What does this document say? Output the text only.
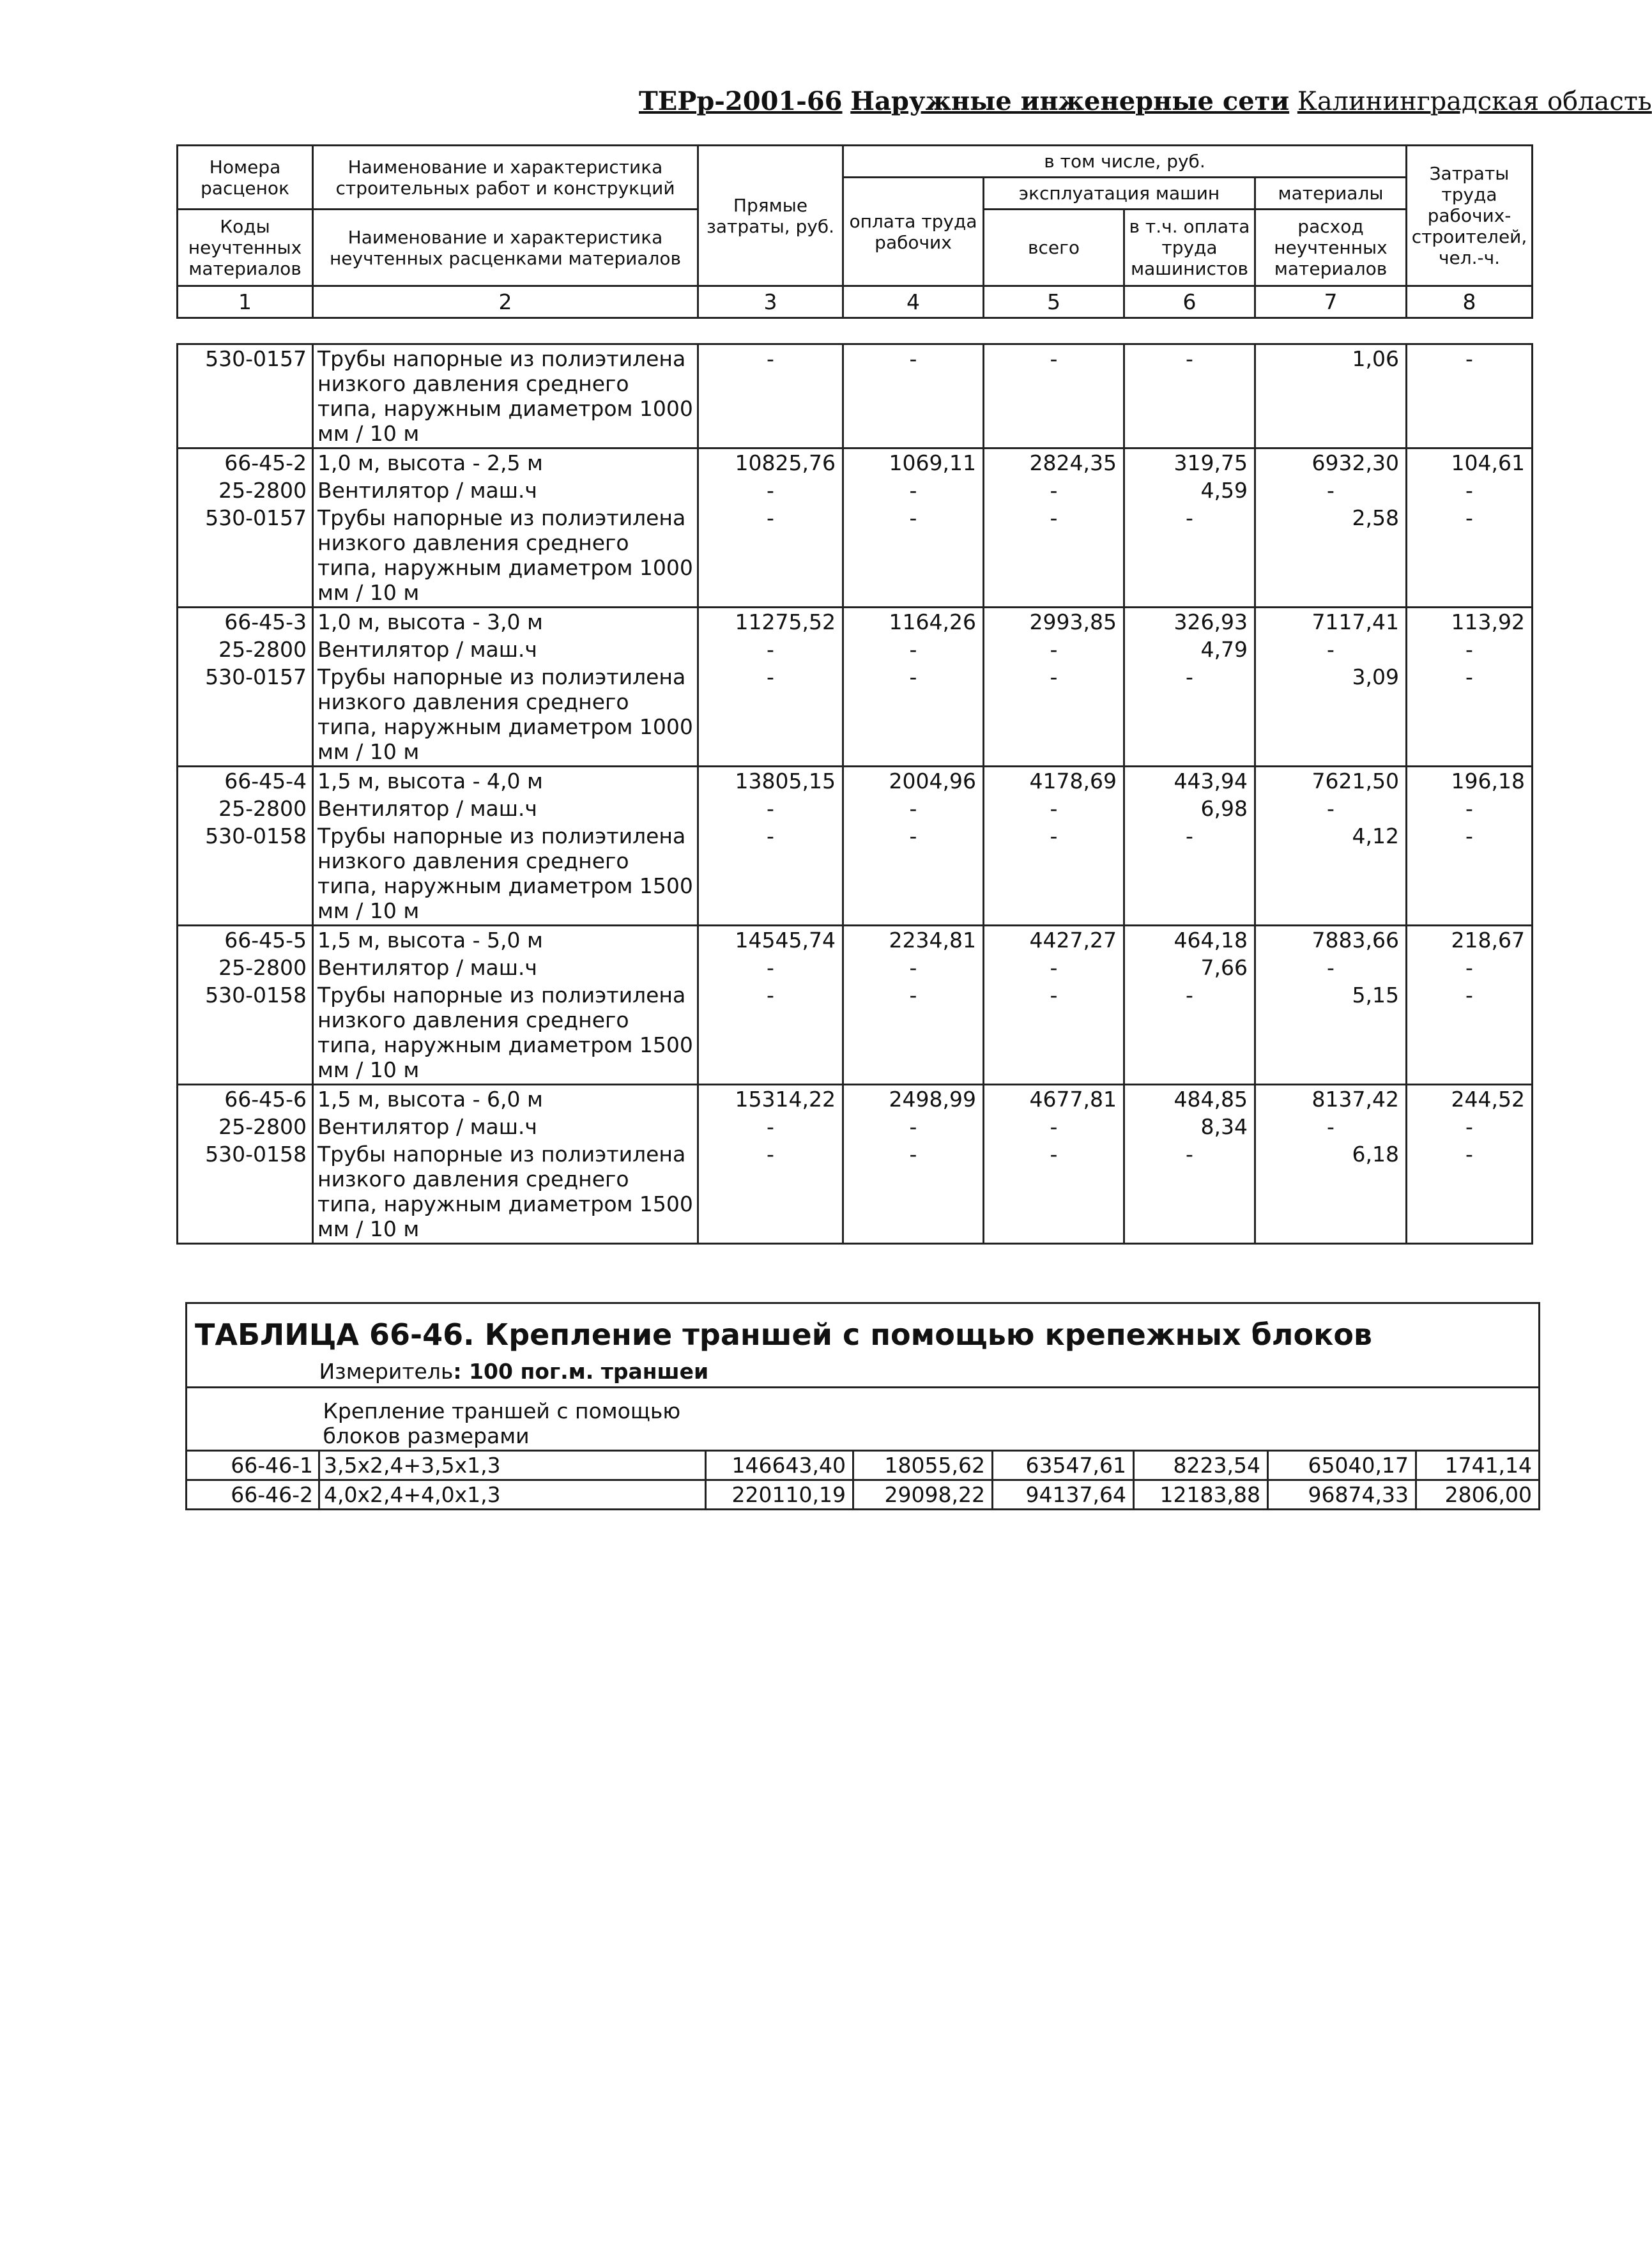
ТЕРр-2001-66 Наружные инженерные сети Калининградская область
Номера расценок	Наименование и характеристика строительных работ и конструкций	Прямые затраты, руб.	в том числе, руб.				Затраты труда рабочих-строителей, чел.-ч.
			оплата труда рабочих	эксплуатация машин		материалы	
Коды неучтенных материалов	Наименование и характеристика неучтенных расценками материалов			всего	в т.ч. оплата труда машинистов	расход неучтенных материалов	

1	2	3	4	5	6	7	8
530-0157	Трубы напорные из полиэтилена низкого давления среднего типа, наружным диаметром 1000 мм / 10 м	-	-	-	-	1,06	-
66-45-2	1,0 м, высота - 2,5 м	10825,76	1069,11	2824,35	319,75	6932,30	104,61
25-2800	Вентилятор / маш.ч	-	-	-	4,59	-	-
530-0157	Трубы напорные из полиэтилена низкого давления среднего типа, наружным диаметром 1000 мм / 10 м	-	-	-	-	2,58	-
66-45-3	1,0 м, высота - 3,0 м	11275,52	1164,26	2993,85	326,93	7117,41	113,92
25-2800	Вентилятор / маш.ч	-	-	-	4,79	-	-
530-0157	Трубы напорные из полиэтилена низкого давления среднего типа, наружным диаметром 1000 мм / 10 м	-	-	-	-	3,09	-
66-45-4	1,5 м, высота - 4,0 м	13805,15	2004,96	4178,69	443,94	7621,50	196,18
25-2800	Вентилятор / маш.ч	-	-	-	6,98	-	-
530-0158	Трубы напорные из полиэтилена низкого давления среднего типа, наружным диаметром 1500 мм / 10 м	-	-	-	-	4,12	-
66-45-5	1,5 м, высота - 5,0 м	14545,74	2234,81	4427,27	464,18	7883,66	218,67
25-2800	Вентилятор / маш.ч	-	-	-	7,66	-	-
530-0158	Трубы напорные из полиэтилена низкого давления среднего типа, наружным диаметром 1500 мм / 10 м	-	-	-	-	5,15	-
66-45-6	1,5 м, высота - 6,0 м	15314,22	2498,99	4677,81	484,85	8137,42	244,52
25-2800	Вентилятор / маш.ч	-	-	-	8,34	-	-
530-0158	Трубы напорные из полиэтилена низкого давления среднего типа, наружным диаметром 1500 мм / 10 м	-	-	-	-	6,18	-
ТАБЛИЦА 66-46. Крепление траншей с помощью крепежных блоков							

	Измеритель: 100 пог.м. траншеи						

	Крепление траншей с помощью блоков размерами						

66-46-1	3,5х2,4+3,5х1,3	146643,40	18055,62	63547,61	8223,54	65040,17	1741,14
66-46-2	4,0х2,4+4,0х1,3	220110,19	29098,22	94137,64	12183,88	96874,33	2806,00
